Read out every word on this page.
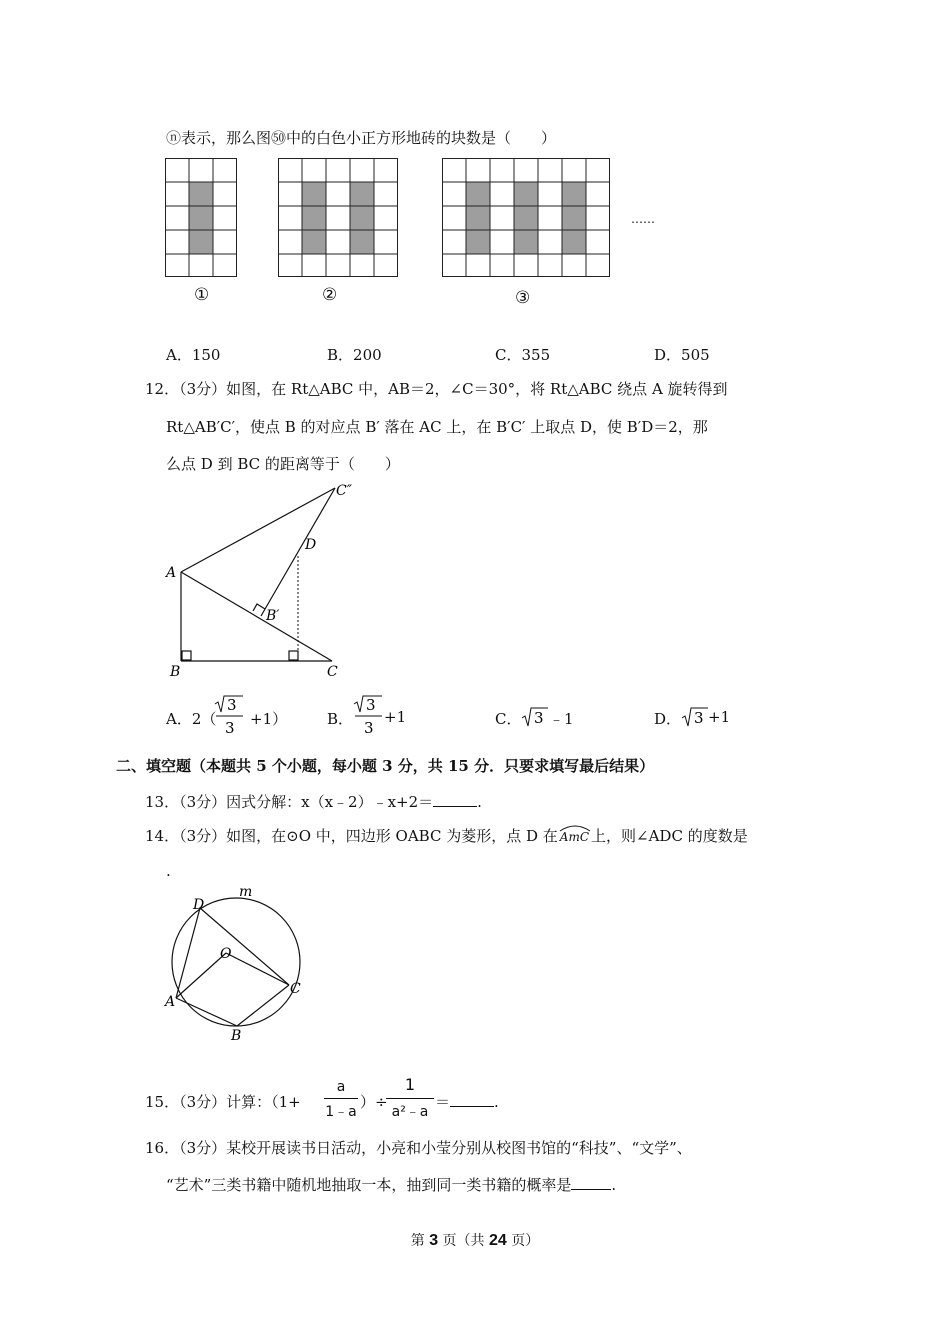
ⓝ表示，那么图㊿中的白色小正方形地砖的块数是（　　）
……
①	②	③
A．150	B．200	C．355	D．505
12．（3分）如图，在 Rt△ABC 中，AB＝2，∠C＝30°，将 Rt△ABC 绕点 A 旋转得到
Rt△AB′C′，使点 B 的对应点 B′ 落在 AC 上，在 B′C′ 上取点 D，使 B′D＝2，那
么点 D 到 BC 的距离等于（　　）
C″
D
A
B′
B	C
A．2（
3
3 +1）	B．
3
3
+1	C． 3 ﹣1	D． 3 +1
二、填空题（本题共 5 个小题，每小题 3 分，共 15 分．只要求填写最后结果）
13．（3分）因式分解：x（x﹣2）﹣x+2＝	.
14．（3分）如图，在⊙O 中，四边形 OABC 为菱形，点 D 在 AmC 上，则∠ADC 的度数是
.
D
m
O
A
C
B
15．（3分）计算：（1+
a
1﹣a
）÷
1
a²﹣a
＝	.
16．（3分）某校开展读书日活动，小亮和小莹分别从校图书馆的“科技”、“文学”、
“艺术”三类书籍中随机地抽取一本，抽到同一类书籍的概率是	.
第 3 页（共 24 页）
